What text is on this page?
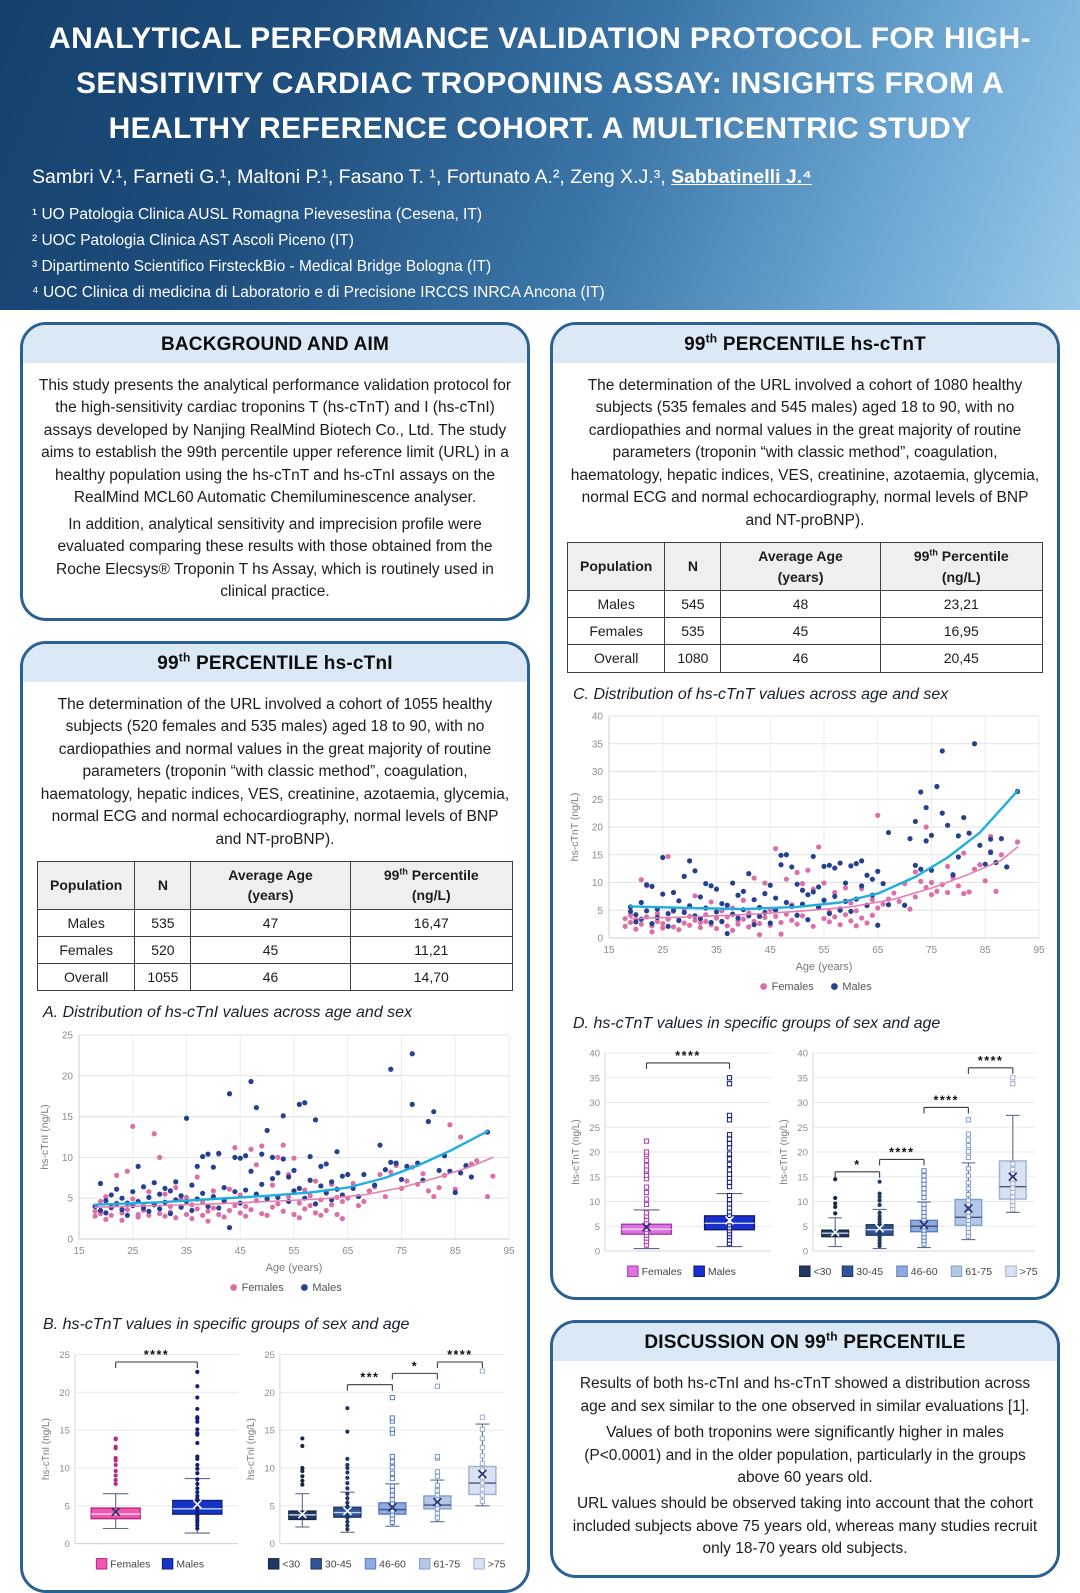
ANALYTICAL PERFORMANCE VALIDATION PROTOCOL FOR HIGH-
SENSITIVITY CARDIAC TROPONINS ASSAY: INSIGHTS FROM A
HEALTHY REFERENCE COHORT. A MULTICENTRIC STUDY
Sambri V.¹, Farneti G.¹, Maltoni P.¹, Fasano T. ¹, Fortunato A.², Zeng X.J.³, Sabbatinelli J.⁴
¹ UO Patologia Clinica AUSL Romagna Pievesestina (Cesena, IT)
² UOC Patologia Clinica AST Ascoli Piceno (IT)
³ Dipartimento Scientifico FirsteckBio - Medical Bridge Bologna (IT)
⁴ UOC Clinica di medicina di Laboratorio e di Precisione IRCCS INRCA Ancona (IT)
BACKGROUND AND AIM

This study presents the analytical performance validation protocol for the high-sensitivity cardiac troponins T (hs-cTnT) and I (hs-cTnI) assays developed by Nanjing RealMind Biotech Co., Ltd. The study aims to establish the 99th percentile upper reference limit (URL) in a healthy population using the hs-cTnT and hs-cTnI assays on the RealMind MCL60 Automatic Chemiluminescence analyser.

In addition, analytical sensitivity and imprecision profile were evaluated comparing these results with those obtained from the Roche Elecsys® Troponin T hs Assay, which is routinely used in clinical practice.

99th PERCENTILE hs-cTnI

The determination of the URL involved a cohort of 1055 healthy subjects (520 females and 535 males) aged 18 to 90, with no cardiopathies and normal values in the great majority of routine parameters (troponin “with classic method”, coagulation, haematology, hepatic indices, VES, creatinine, azotaemia, glycemia, normal ECG and normal echocardiography, normal levels of BNP and NT-proBNP).

Population	N	Average Age (years)	99th Percentile (ng/L)
Males	535	47	16,47
Females	520	45	11,21
Overall	1055	46	14,70
A. Distribution of hs-cTnI values across age and sex
15	25	35	45	55	65	75	85	95
0
5
10
15
20
25
Age (years)
hs-cTnI (ng/L)
Females	Males
B. hs-cTnT values in specific groups of sex and age
0
5
10
15
20
25	****
Females Males
hs-cTnI (ng/L)
0
5
10
15
20
25
***
*
****
<30 30-45	46-60	61-75	>75
hs-cTnI (ng/L)
99th PERCENTILE hs-cTnT

The determination of the URL involved a cohort of 1080 healthy subjects (535 females and 545 males) aged 18 to 90, with no cardiopathies and normal values in the great majority of routine parameters (troponin “with classic method”, coagulation, haematology, hepatic indices, VES, creatinine, azotaemia, glycemia, normal ECG and normal echocardiography, normal levels of BNP and NT-proBNP).

Population	N	Average Age (years)	99th Percentile (ng/L)
Males	545	48	23,21
Females	535	45	16,95
Overall	1080	46	20,45
C. Distribution of hs-cTnT values across age and sex
15	25	35	45	55	65	75	85	95
0
5
10
15
20
25
30
35
40
Age (years)
hs-cTnT (ng/L)
Females	Males
D. hs-cTnT values in specific groups of sex and age
0
5
10
15
20
25
30
35
40	****
Females Males
hs-cTnT (ng/L)
0
5
10
15
20
25
30
35
40
*
****
****
****
<30 30-45	46-60	61-75	>75
hs-cTnT (ng/L)
DISCUSSION ON 99th PERCENTILE

Results of both hs-cTnI and hs-cTnT showed a distribution across age and sex similar to the one observed in similar evaluations [1].

Values of both troponins were significantly higher in males (P<0.0001) and in the older population, particularly in the groups above 60 years old.

URL values should be observed taking into account that the cohort included subjects above 75 years old, whereas many studies recruit only 18-70 years old subjects.
